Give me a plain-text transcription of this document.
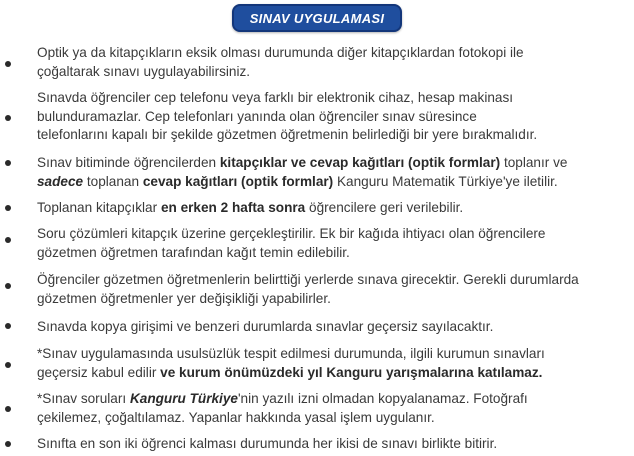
SINAV UYGULAMASI
Optik ya da kitapçıkların eksik olması durumunda diğer kitapçıklardan fotokopi ile
çoğaltarak sınavı uygulayabilirsiniz.
Sınavda öğrenciler cep telefonu veya farklı bir elektronik cihaz, hesap makinası
bulunduramazlar. Cep telefonları yanında olan öğrenciler sınav süresince
telefonlarını kapalı bir şekilde gözetmen öğretmenin belirlediği bir yere bırakmalıdır.
Sınav bitiminde öğrencilerden kitapçıklar ve cevap kağıtları (optik formlar) toplanır ve
sadece toplanan cevap kağıtları (optik formlar) Kanguru Matematik Türkiye'ye iletilir.
Toplanan kitapçıklar en erken 2 hafta sonra öğrencilere geri verilebilir.
Soru çözümleri kitapçık üzerine gerçekleştirilir. Ek bir kağıda ihtiyacı olan öğrencilere
gözetmen öğretmen tarafından kağıt temin edilebilir.
Öğrenciler gözetmen öğretmenlerin belirttiği yerlerde sınava girecektir. Gerekli durumlarda
gözetmen öğretmenler yer değişikliği yapabilirler.
Sınavda kopya girişimi ve benzeri durumlarda sınavlar geçersiz sayılacaktır.
*Sınav uygulamasında usulsüzlük tespit edilmesi durumunda, ilgili kurumun sınavları
geçersiz kabul edilir ve kurum önümüzdeki yıl Kanguru yarışmalarına katılamaz.
*Sınav soruları Kanguru Türkiye'nin yazılı izni olmadan kopyalanamaz. Fotoğrafı
çekilemez, çoğaltılamaz. Yapanlar hakkında yasal işlem uygulanır.
Sınıfta en son iki öğrenci kalması durumunda her ikisi de sınavı birlikte bitirir.
